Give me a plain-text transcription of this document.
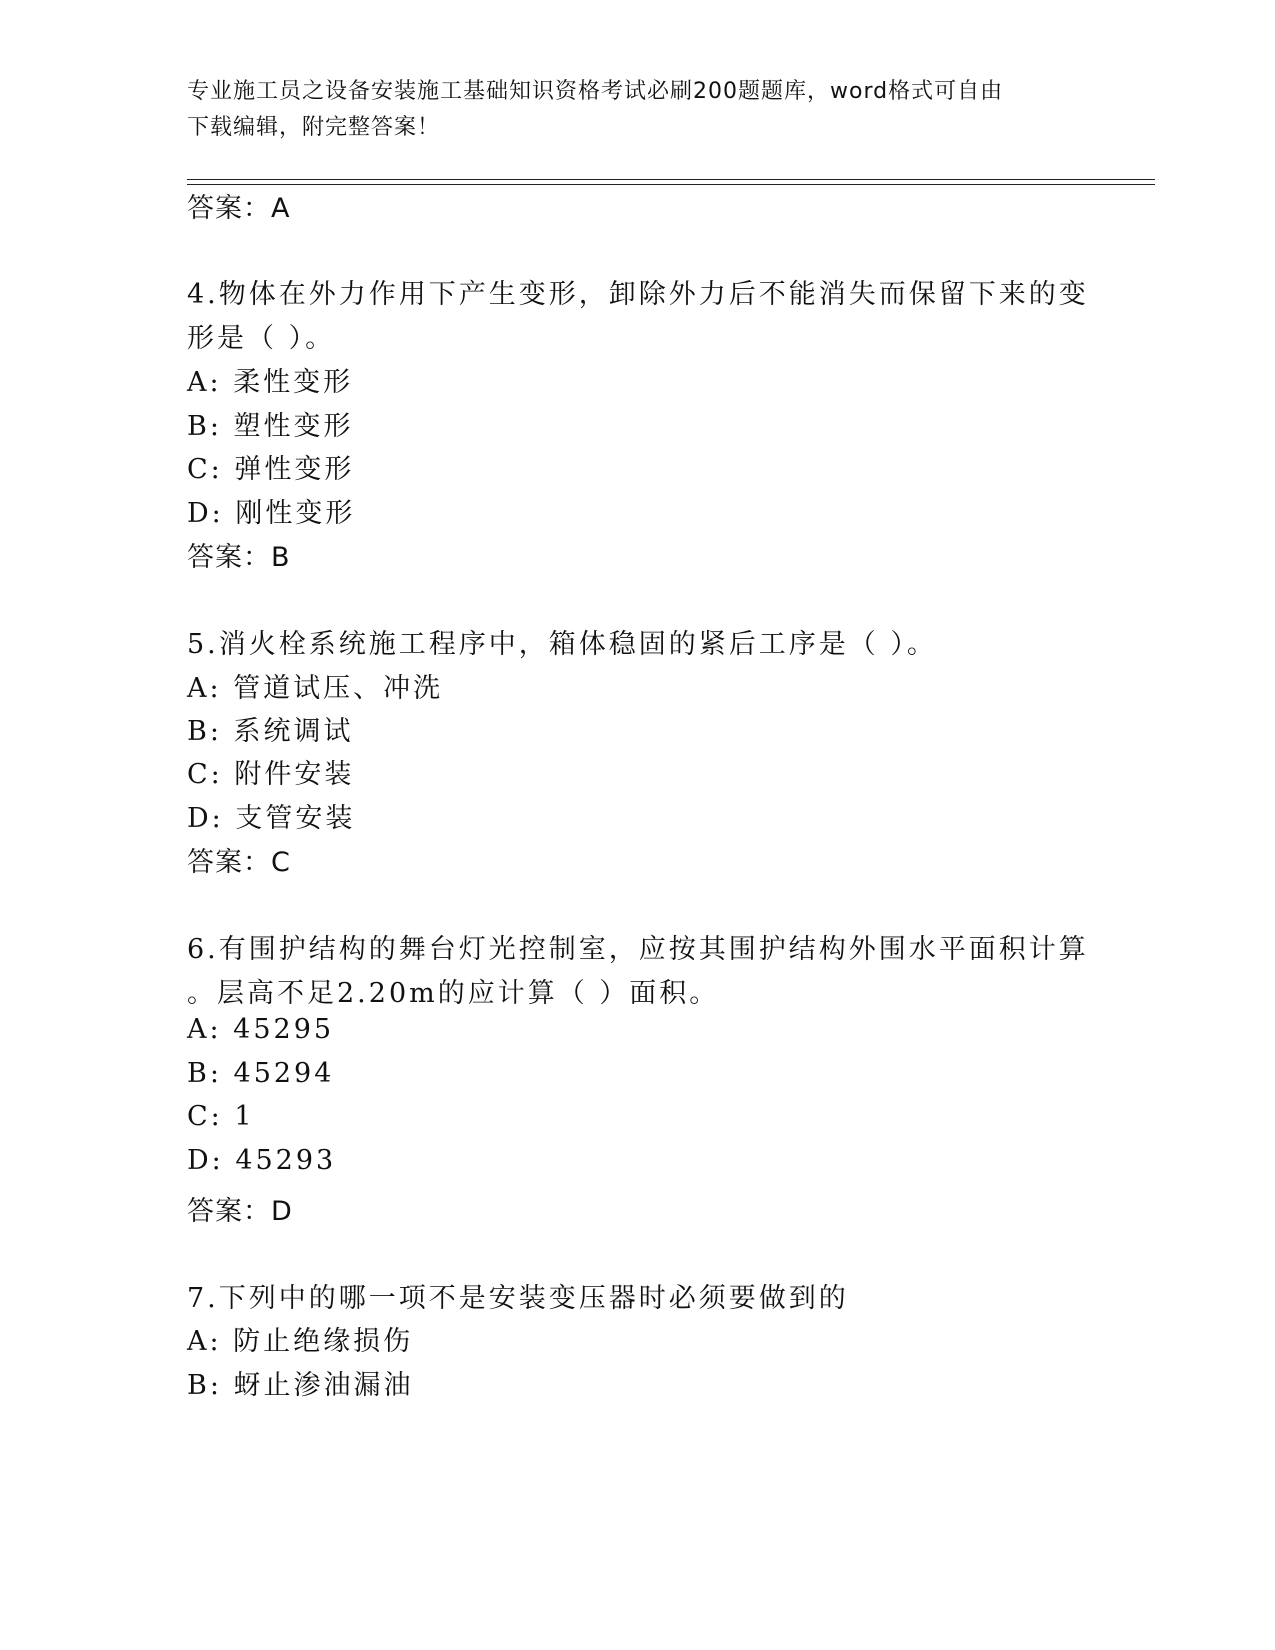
专业施工员之设备安装施工基础知识资格考试必刷200题题库，word格式可自由
下载编辑，附完整答案！
答案：A
4.物体在外力作用下产生变形，卸除外力后不能消失而保留下来的变
形是（ ）。
A: 柔性变形
B: 塑性变形
C: 弹性变形
D: 刚性变形
答案：B
5.消火栓系统施工程序中，箱体稳固的紧后工序是（ ）。
A: 管道试压、冲洗
B: 系统调试
C: 附件安装
D: 支管安装
答案：C
6.有围护结构的舞台灯光控制室，应按其围护结构外围水平面积计算
。层高不足2.20m的应计算（ ）面积。
A: 45295
B: 45294
C: 1
D: 45293
答案：D
7.下列中的哪一项不是安装变压器时必须要做到的
A: 防止绝缘损伤
B: 蚜止渗油漏油
